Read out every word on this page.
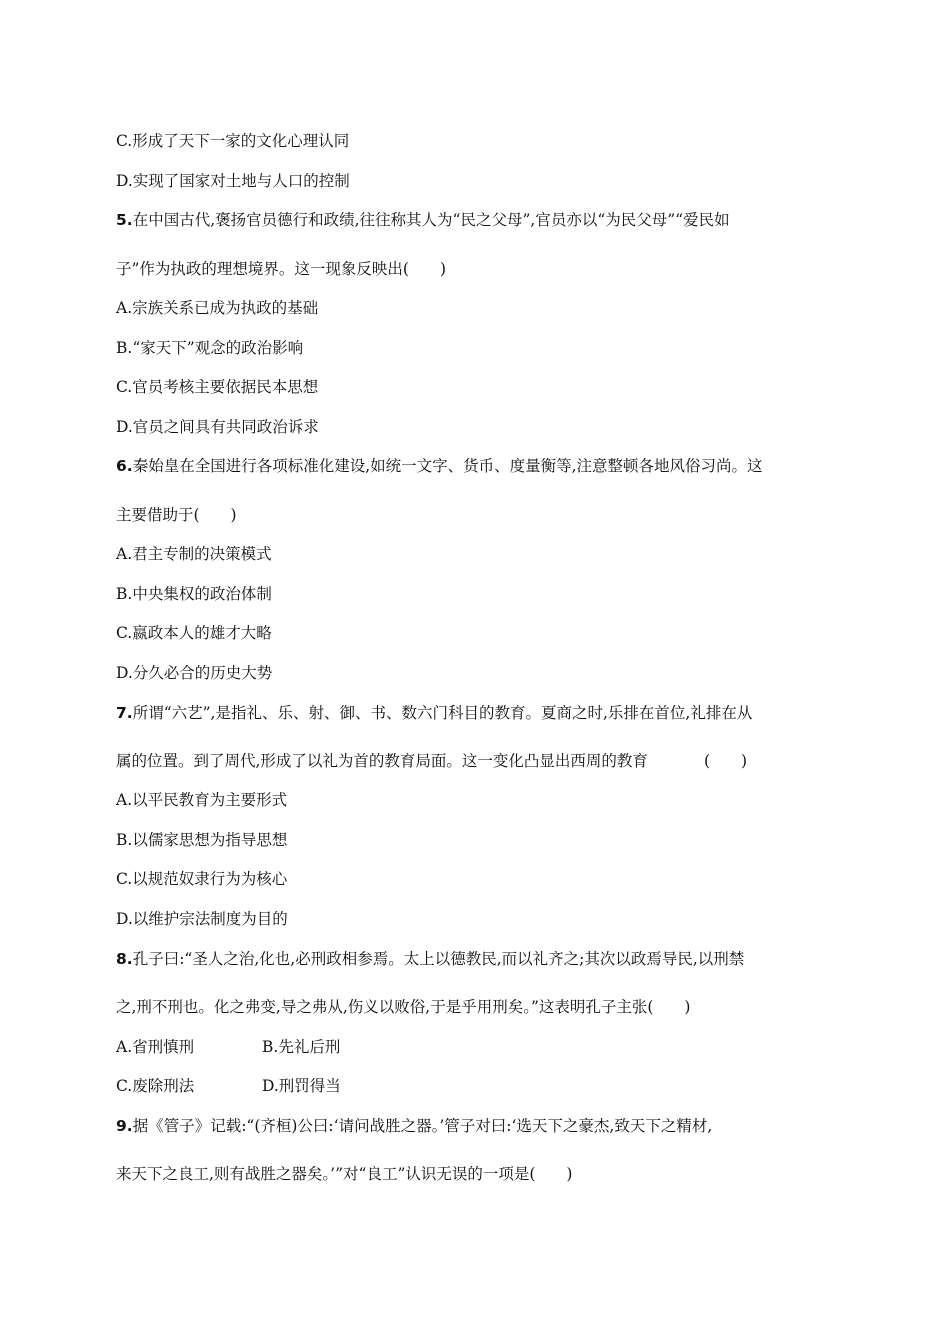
C.形成了天下一家的文化心理认同

D.实现了国家对土地与人口的控制

5.在中国古代,褒扬官员德行和政绩,往往称其人为“民之父母”,官员亦以“为民父母”“爱民如

子”作为执政的理想境界。这一现象反映出(　　)

A.宗族关系已成为执政的基础

B.“家天下”观念的政治影响

C.官员考核主要依据民本思想

D.官员之间具有共同政治诉求

6.秦始皇在全国进行各项标准化建设,如统一文字、货币、度量衡等,注意整顿各地风俗习尚。这

主要借助于(　　)

A.君主专制的决策模式

B.中央集权的政治体制

C.嬴政本人的雄才大略

D.分久必合的历史大势

7.所谓“六艺”,是指礼、乐、射、御、书、数六门科目的教育。夏商之时,乐排在首位,礼排在从

属的位置。到了周代,形成了以礼为首的教育局面。这一变化凸显出西周的教育	(　　)

A.以平民教育为主要形式

B.以儒家思想为指导思想

C.以规范奴隶行为为核心

D.以维护宗法制度为目的

8.孔子曰:“圣人之治,化也,必刑政相参焉。太上以德教民,而以礼齐之;其次以政焉导民,以刑禁

之,刑不刑也。化之弗变,导之弗从,伤义以败俗,于是乎用刑矣。”这表明孔子主张(　　)

A.省刑慎刑	B.先礼后刑

C.废除刑法	D.刑罚得当

9.据《管子》记载:“(齐桓)公曰:‘请问战胜之器。’管子对曰:‘选天下之豪杰,致天下之精材,

来天下之良工,则有战胜之器矣。’”对“良工”认识无误的一项是(　　)
